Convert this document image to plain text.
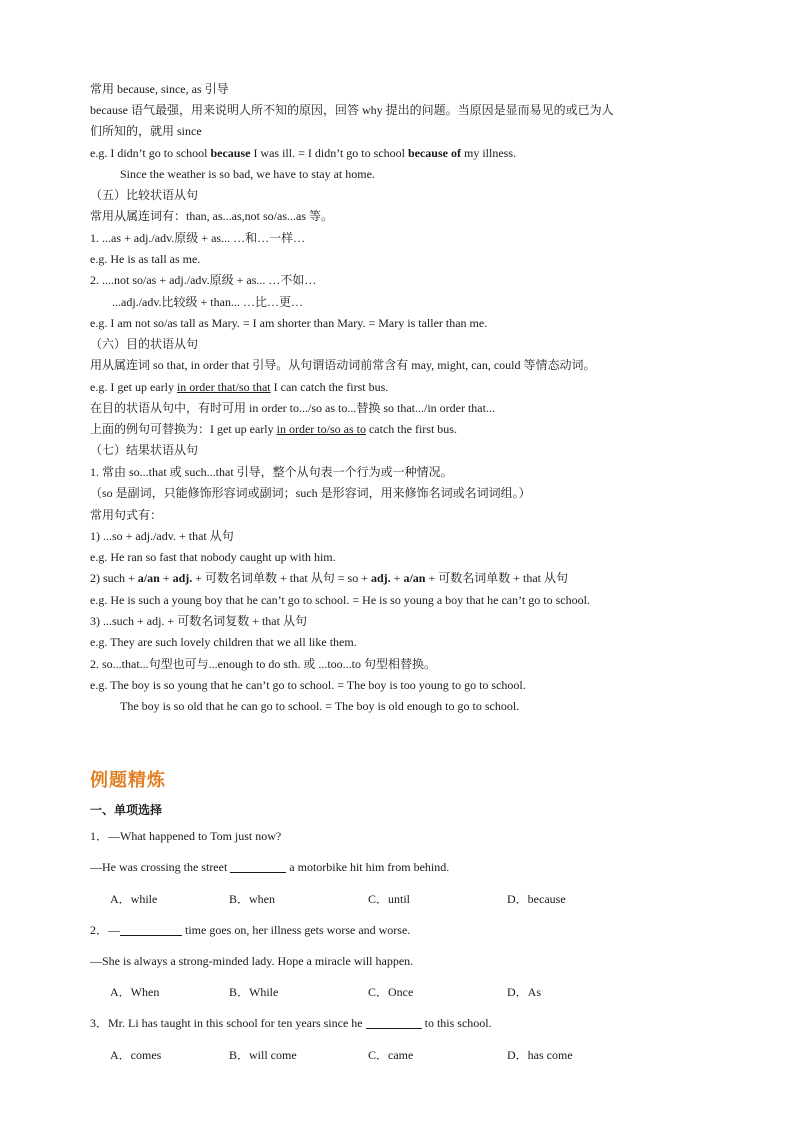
常用 because, since, as 引导
because 语气最强，用来说明人所不知的原因，回答 why 提出的问题。当原因是显而易见的或已为人
们所知的，就用 since
e.g. I didn’t go to school because I was ill. = I didn’t go to school because of my illness.
Since the weather is so bad, we have to stay at home.
（五）比较状语从句
常用从属连词有：than, as...as,not so/as...as 等。
1. ...as + adj./adv.原级 + as... …和…一样…
e.g. He is as tall as me.
2. ....not so/as + adj./adv.原级 + as... …不如…
...adj./adv.比较级 + than... …比…更…
e.g. I am not so/as tall as Mary. = I am shorter than Mary. = Mary is taller than me.
（六）目的状语从句
用从属连词 so that, in order that 引导。从句谓语动词前常含有 may, might, can, could 等情态动词。
e.g. I get up early in order that/so that I can catch the first bus.
在目的状语从句中，有时可用 in order to.../so as to...替换 so that.../in order that...
上面的例句可替换为：I get up early in order to/so as to catch the first bus.
（七）结果状语从句
1. 常由 so...that 或 such...that 引导，整个从句表一个行为或一种情况。
（so 是副词，只能修饰形容词或副词；such 是形容词，用来修饰名词或名词词组。）
常用句式有：
1) ...so + adj./adv. + that 从句
e.g. He ran so fast that nobody caught up with him.
2) such + a/an + adj. + 可数名词单数 + that 从句 = so + adj. + a/an + 可数名词单数 + that 从句
e.g. He is such a young boy that he can’t go to school. = He is so young a boy that he can’t go to school.
3) ...such + adj. + 可数名词复数 + that 从句
e.g. They are such lovely children that we all like them.
2. so...that...句型也可与...enough to do sth. 或 ...too...to 句型相替换。
e.g. The boy is so young that he can’t go to school. = The boy is too young to go to school.
The boy is so old that he can go to school. = The boy is old enough to go to school.
例题精炼
一、单项选择
1．—What happened to Tom just now?
—He was crossing the street	a motorbike hit him from behind.
A．while	B．when	C．until	D．because
2．—	time goes on, her illness gets worse and worse.
—She is always a strong-minded lady. Hope a miracle will happen.
A．When	B．While	C．Once	D．As
3．Mr. Li has taught in this school for ten years since he	to this school.
A．comes	B．will come	C．came	D．has come
